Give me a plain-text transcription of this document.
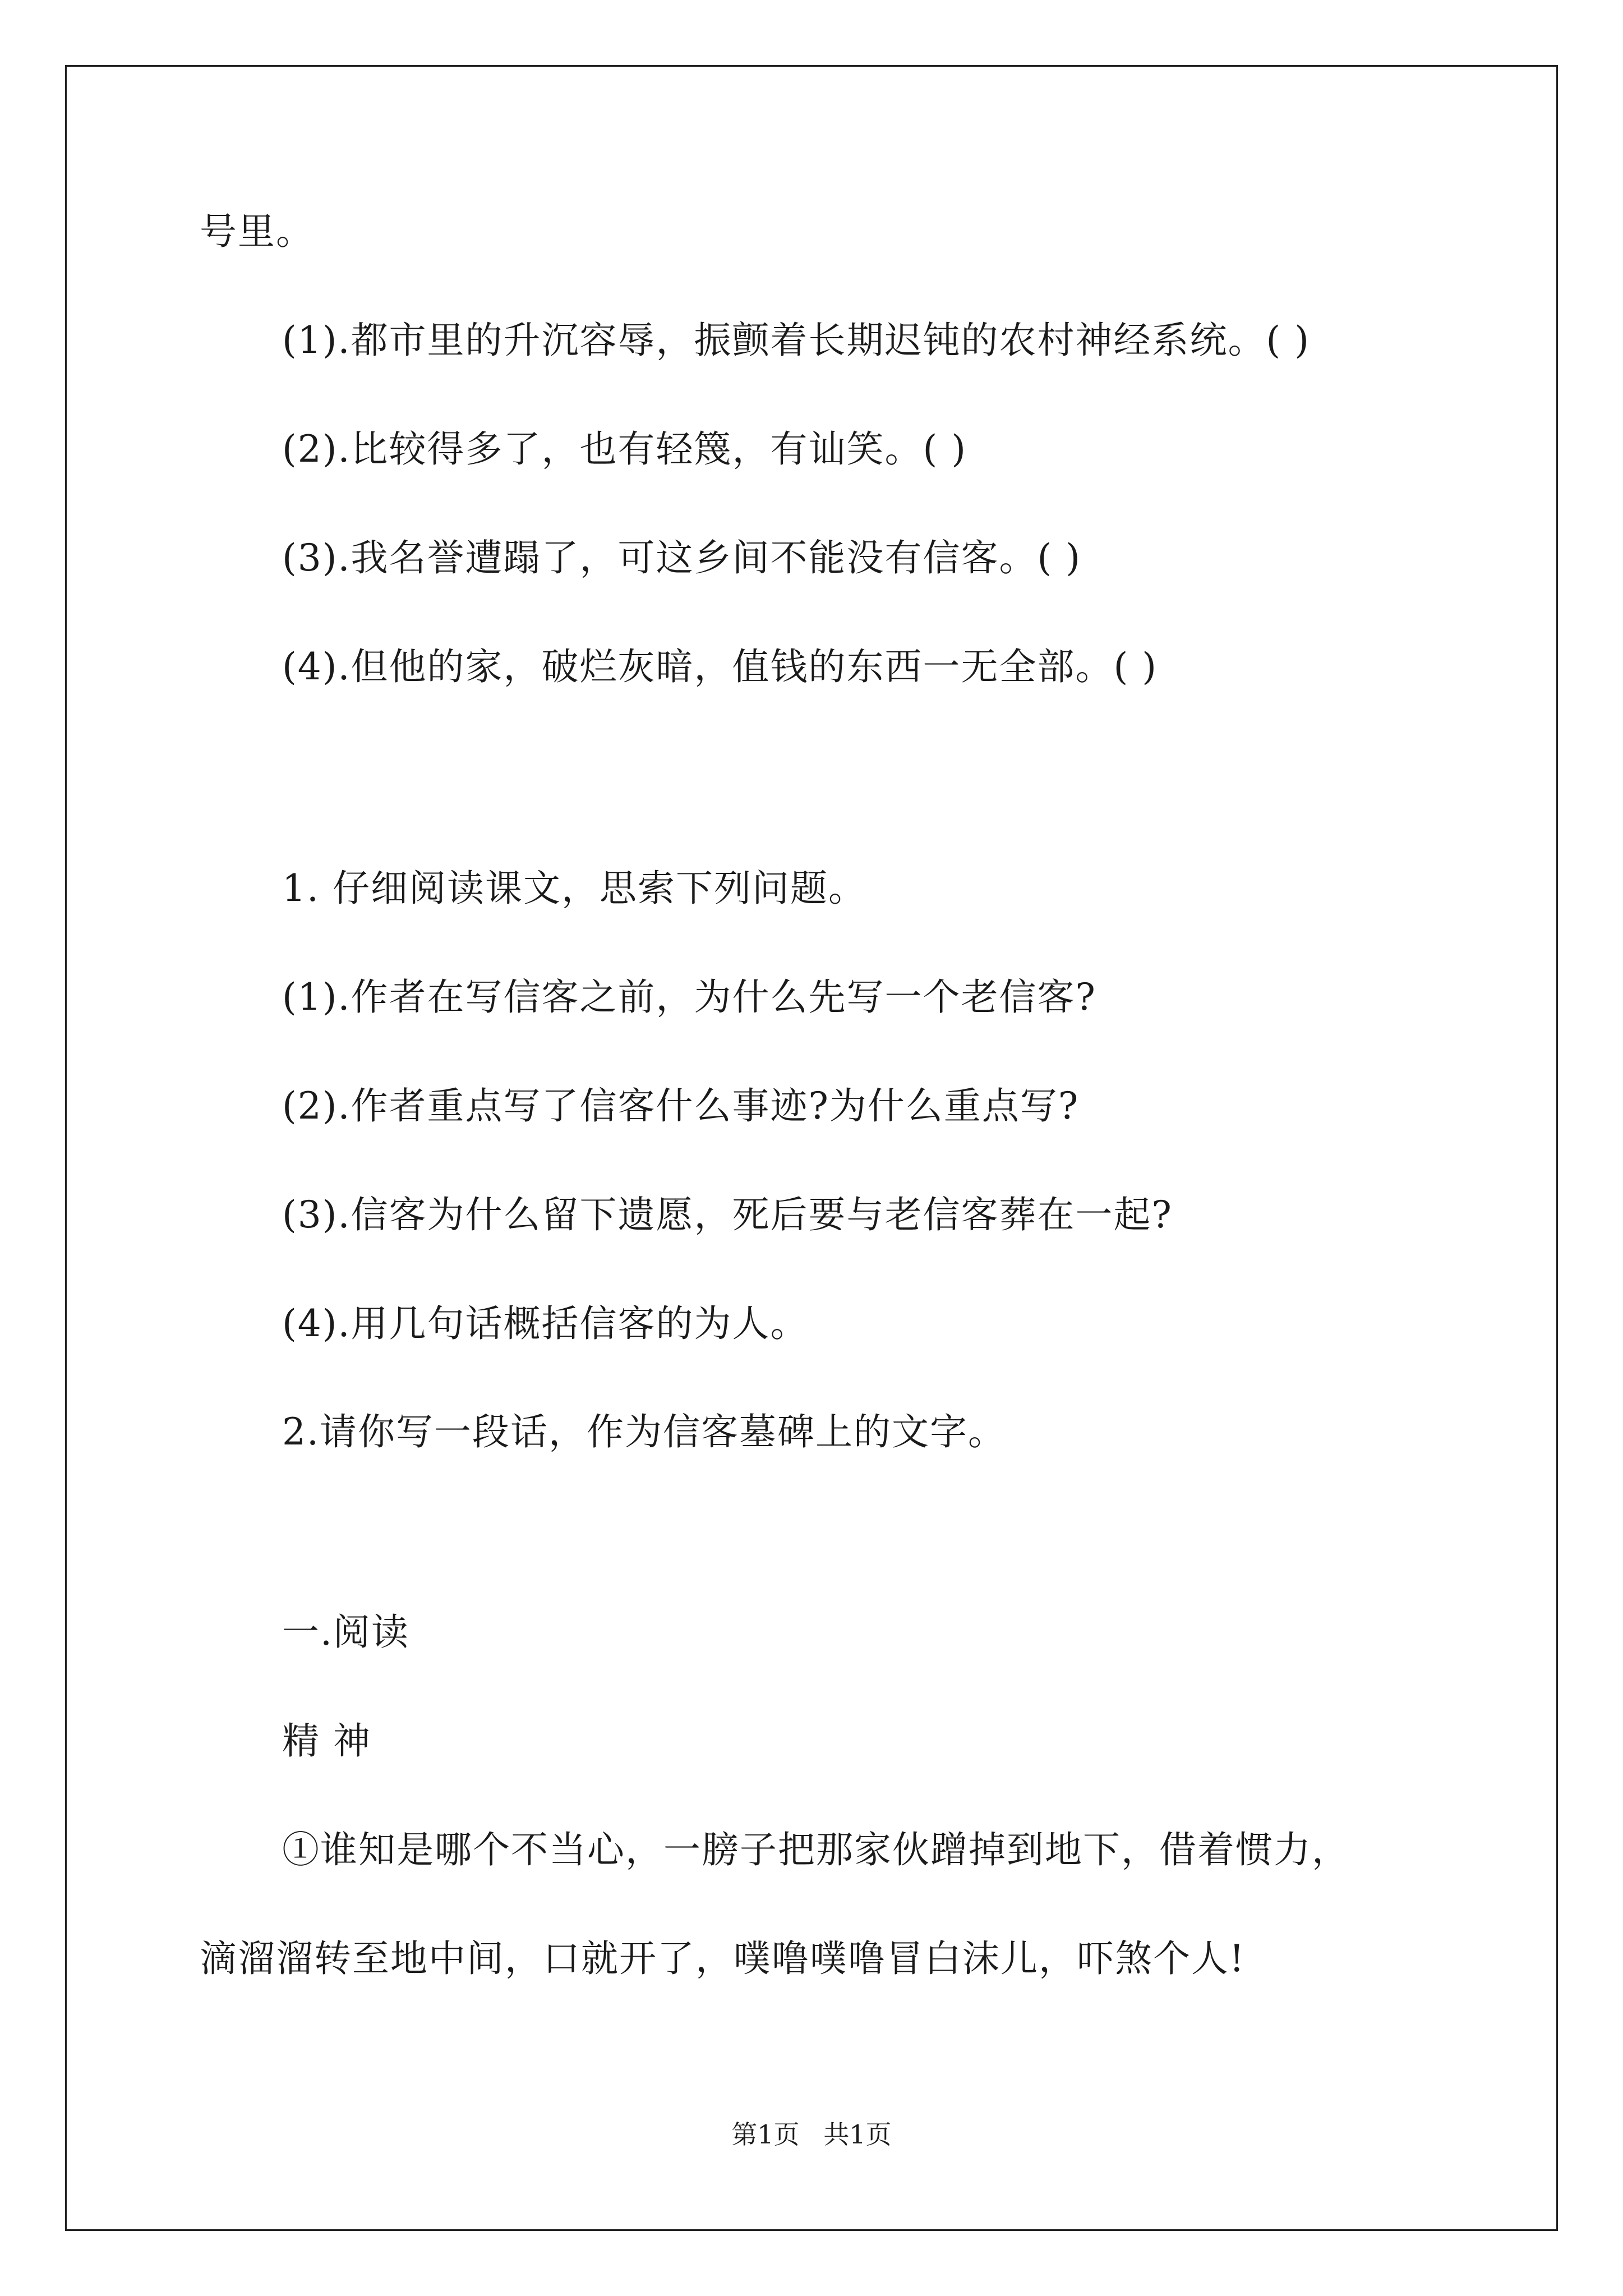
号里。
(1).都市里的升沉容辱，振颤着长期迟钝的农村神经系统。( )
(2).比较得多了，也有轻篾，有讪笑。( )
(3).我名誉遭蹋了，可这乡间不能没有信客。( )
(4).但他的家，破烂灰暗，值钱的东西一无全部。( )
1. 仔细阅读课文，思索下列问题。
(1).作者在写信客之前，为什么先写一个老信客?
(2).作者重点写了信客什么事迹?为什么重点写?
(3).信客为什么留下遗愿，死后要与老信客葬在一起?
(4).用几句话概括信客的为人。
2.请你写一段话，作为信客墓碑上的文字。
一.阅读
精 神
①谁知是哪个不当心，一膀子把那家伙蹭掉到地下，借着惯力，
滴溜溜转至地中间，口就开了，噗噜噗噜冒白沫儿，吓煞个人!
第1页 共1页
